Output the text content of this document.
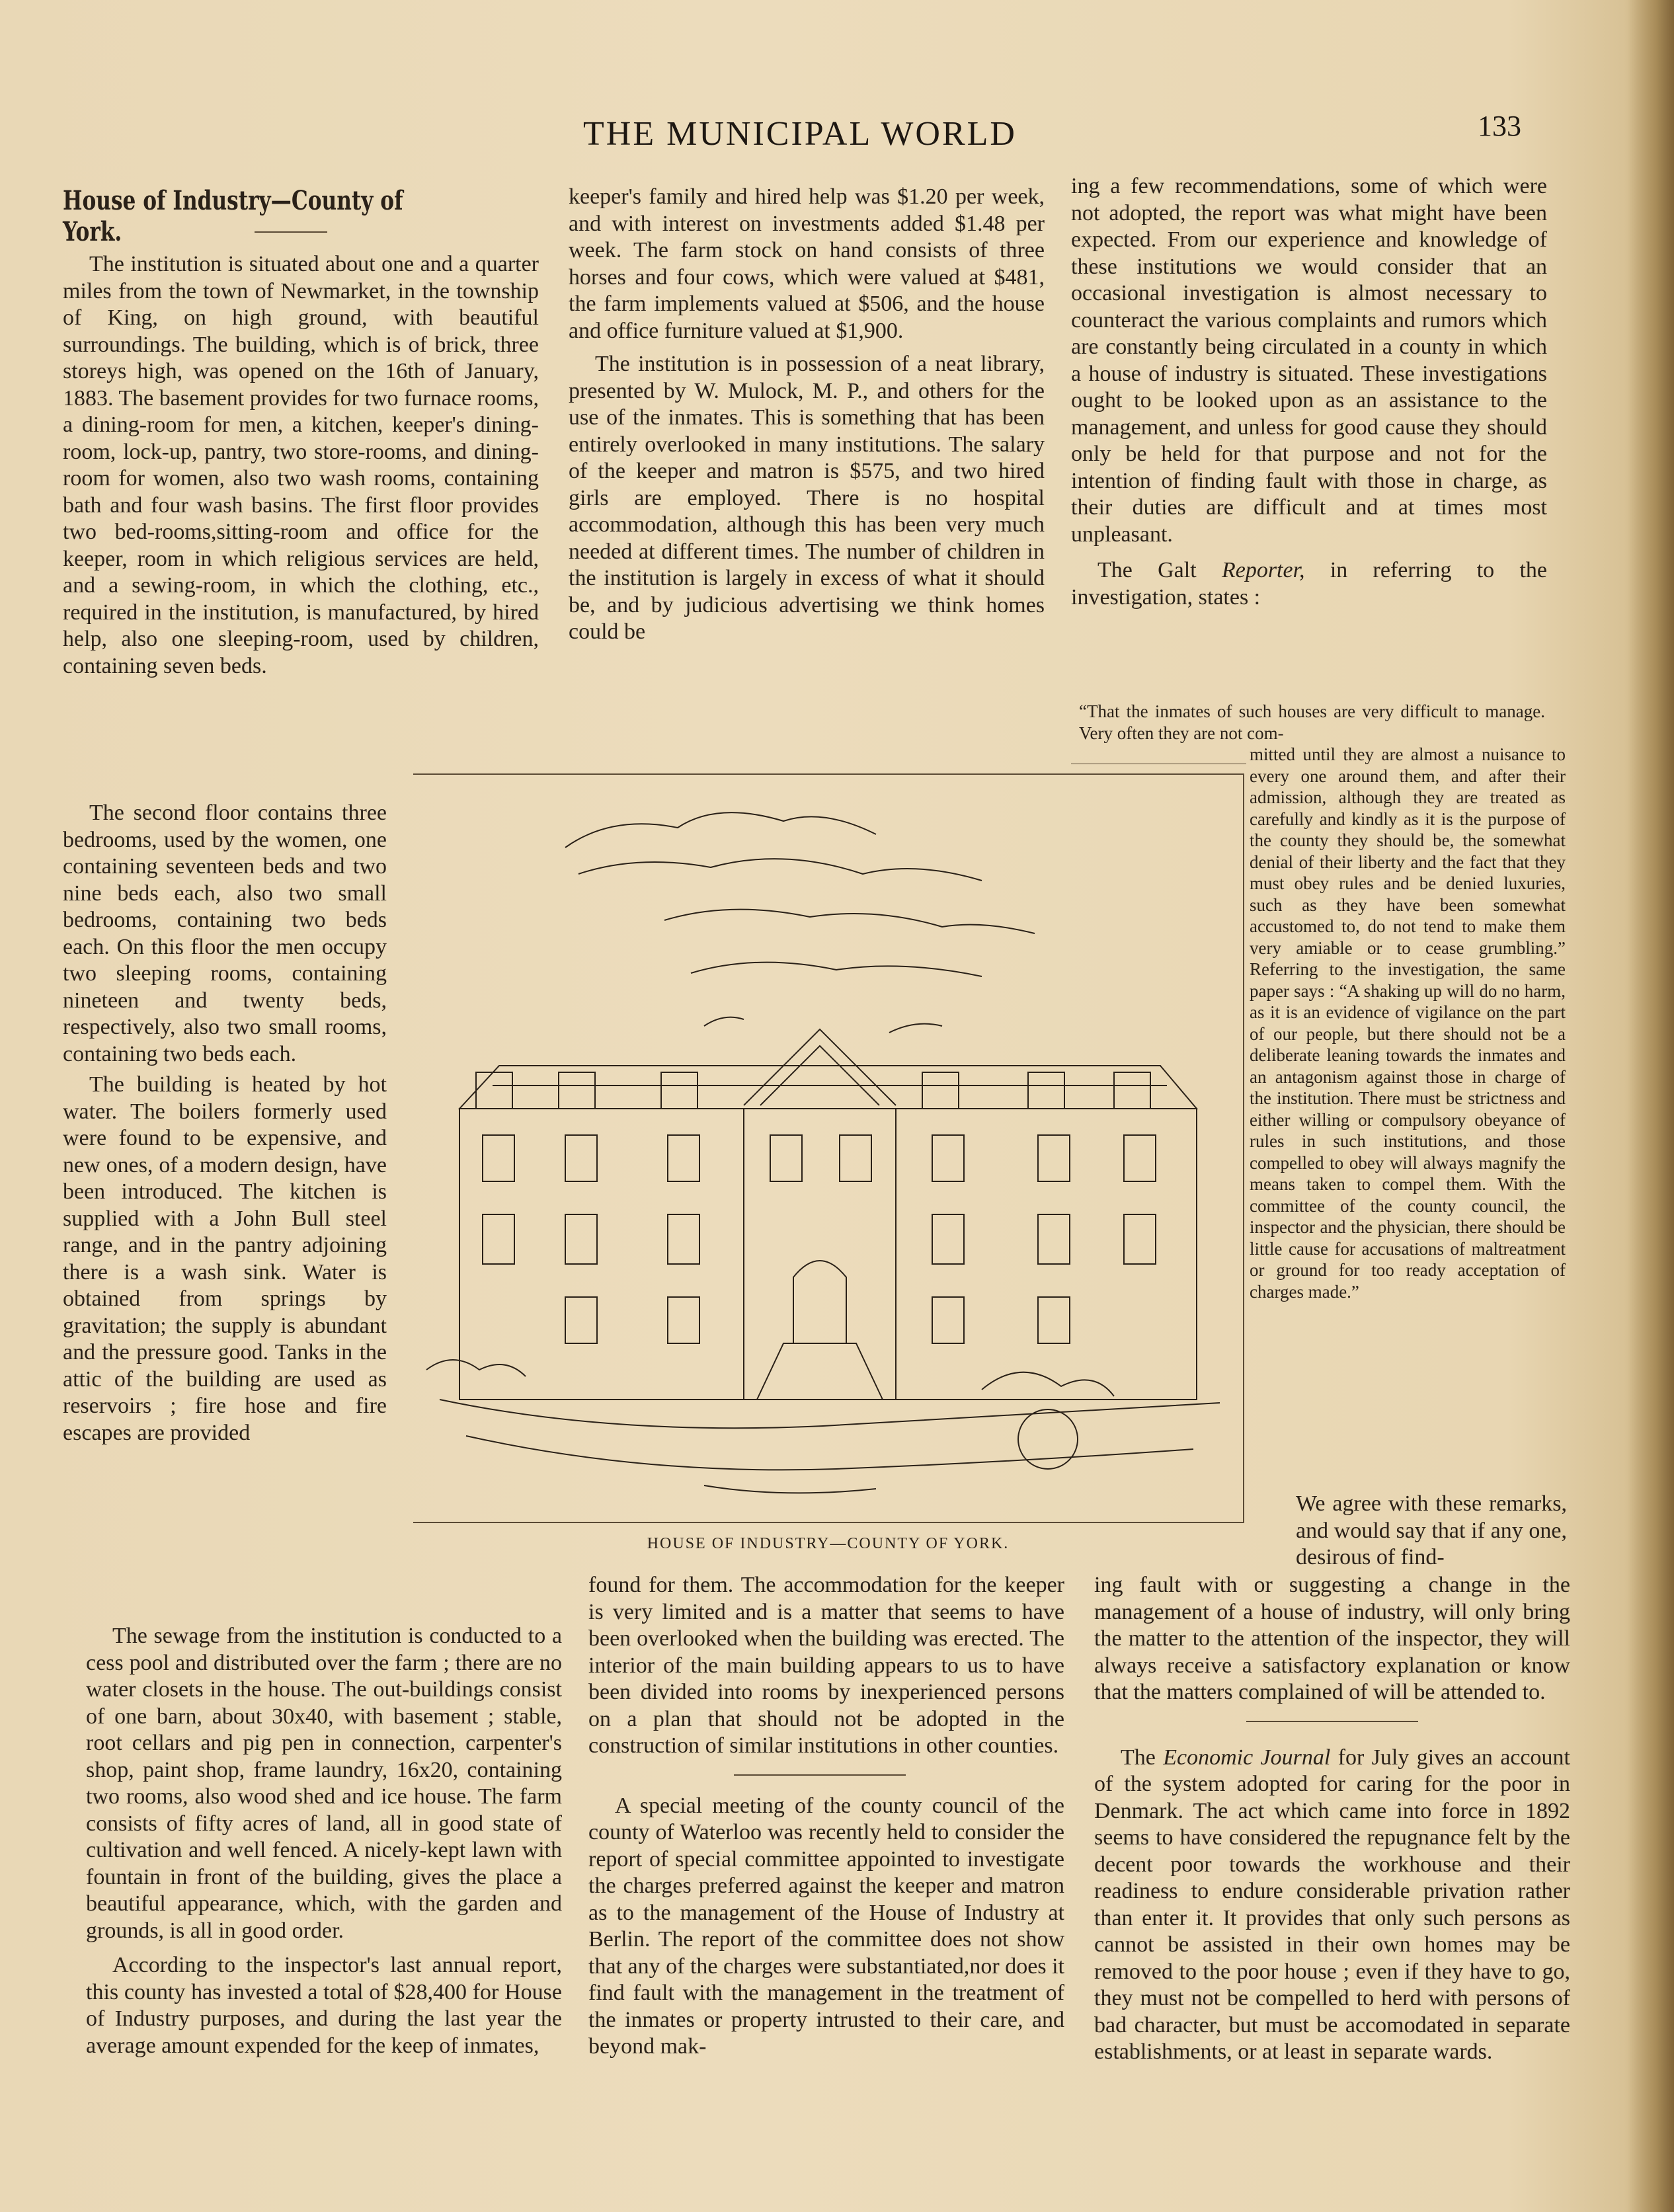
THE MUNICIPAL WORLD	133
House of Industry—County of York.

The institution is situated about one and a quarter miles from the town of Newmarket, in the township of King, on high ground, with beautiful surroundings. The building, which is of brick, three storeys high, was opened on the 16th of January, 1883. The basement provides for two furnace rooms, a dining-room for men, a kitchen, keeper's dining-room, lock-up, pantry, two store-rooms, and dining-room for women, also two wash rooms, containing bath and four wash basins. The first floor provides two bed-rooms,sitting-room and office for the keeper, room in which religious services are held, and a sewing-room, in which the clothing, etc., required in the institution, is manufactured, by hired help, also one sleeping-room, used by children, containing seven beds.

The second floor contains three bedrooms, used by the women, one containing seventeen beds and two nine beds each, also two small bedrooms, containing two beds each. On this floor the men occupy two sleeping rooms, containing nineteen and twenty beds, respectively, also two small rooms, containing two beds each.

The building is heated by hot water. The boilers formerly used were found to be expensive, and new ones, of a modern design, have been introduced. The kitchen is supplied with a John Bull steel range, and in the pantry adjoining there is a wash sink. Water is obtained from springs by gravitation; the supply is abundant and the pressure good. Tanks in the attic of the building are used as reservoirs ; fire hose and fire escapes are provided

The sewage from the institution is conducted to a cess pool and distributed over the farm ; there are no water closets in the house. The out-buildings consist of one barn, about 30x40, with basement ; stable, root cellars and pig pen in connection, carpenter's shop, paint shop, frame laundry, 16x20, containing two rooms, also wood shed and ice house. The farm consists of fifty acres of land, all in good state of cultivation and well fenced. A nicely-kept lawn with fountain in front of the building, gives the place a beautiful appearance, which, with the garden and grounds, is all in good order.

According to the inspector's last annual report, this county has invested a total of $28,400 for House of Industry purposes, and during the last year the average amount expended for the keep of inmates,

keeper's family and hired help was $1.20 per week, and with interest on investments added $1.48 per week. The farm stock on hand consists of three horses and four cows, which were valued at $481, the farm implements valued at $506, and the house and office furniture valued at $1,900.

The institution is in possession of a neat library, presented by W. Mulock, M. P., and others for the use of the inmates. This is something that has been entirely overlooked in many institutions. The salary of the keeper and matron is $575, and two hired girls are employed. There is no hospital accommodation, although this has been very much needed at different times. The number of children in the institution is largely in excess of what it should be, and by judicious advertising we think homes could be

found for them. The accommodation for the keeper is very limited and is a matter that seems to have been overlooked when the building was erected. The interior of the main building appears to us to have been divided into rooms by inexperienced persons on a plan that should not be adopted in the construction of similar institutions in other counties.

A special meeting of the county council of the county of Waterloo was recently held to consider the report of special committee appointed to investigate the charges preferred against the keeper and matron as to the management of the House of Industry at Berlin. The report of the committee does not show that any of the charges were substantiated,nor does it find fault with the management in the treatment of the inmates or property intrusted to their care, and beyond mak-

ing a few recommendations, some of which were not adopted, the report was what might have been expected. From our experience and knowledge of these institutions we would consider that an occasional investigation is almost necessary to counteract the various complaints and rumors which are constantly being circulated in a county in which a house of industry is situated. These investigations ought to be looked upon as an assistance to the management, and unless for good cause they should only be held for that purpose and not for the intention of finding fault with those in charge, as their duties are difficult and at times most unpleasant.

The Galt Reporter, in referring to the investigation, states :

“That the inmates of such houses are very difficult to manage. Very often they are not com-
mitted until they are almost a nuisance to every one around them, and after their admission, although they are treated as carefully and kindly as it is the purpose of the county they should be, the somewhat denial of their liberty and the fact that they must obey rules and be denied luxuries, such as they have been somewhat accustomed to, do not tend to make them very amiable or to cease grumbling.” Referring to the investigation, the same paper says : “A shaking up will do no harm, as it is an evidence of vigilance on the part of our people, but there should not be a deliberate leaning towards the inmates and an antagonism against those in charge of the institution. There must be strictness and either willing or compulsory obeyance of rules in such institutions, and those compelled to obey will always magnify the means taken to compel them. With the committee of the county council, the inspector and the physician, there should be little cause for accusations of maltreatment or ground for too ready acceptation of charges made.”
We agree with these remarks, and would say that if any one, desirous of find-

ing fault with or suggesting a change in the management of a house of industry, will only bring the matter to the attention of the inspector, they will always receive a satisfactory explanation or know that the matters complained of will be attended to.

The Economic Journal for July gives an account of the system adopted for caring for the poor in Denmark. The act which came into force in 1892 seems to have considered the repugnance felt by the decent poor towards the workhouse and their readiness to endure considerable privation rather than enter it. It provides that only such persons as cannot be assisted in their own homes may be removed to the poor house ; even if they have to go, they must not be compelled to herd with persons of bad character, but must be accomodated in separate establishments, or at least in separate wards.

HOUSE OF INDUSTRY—COUNTY OF YORK.
